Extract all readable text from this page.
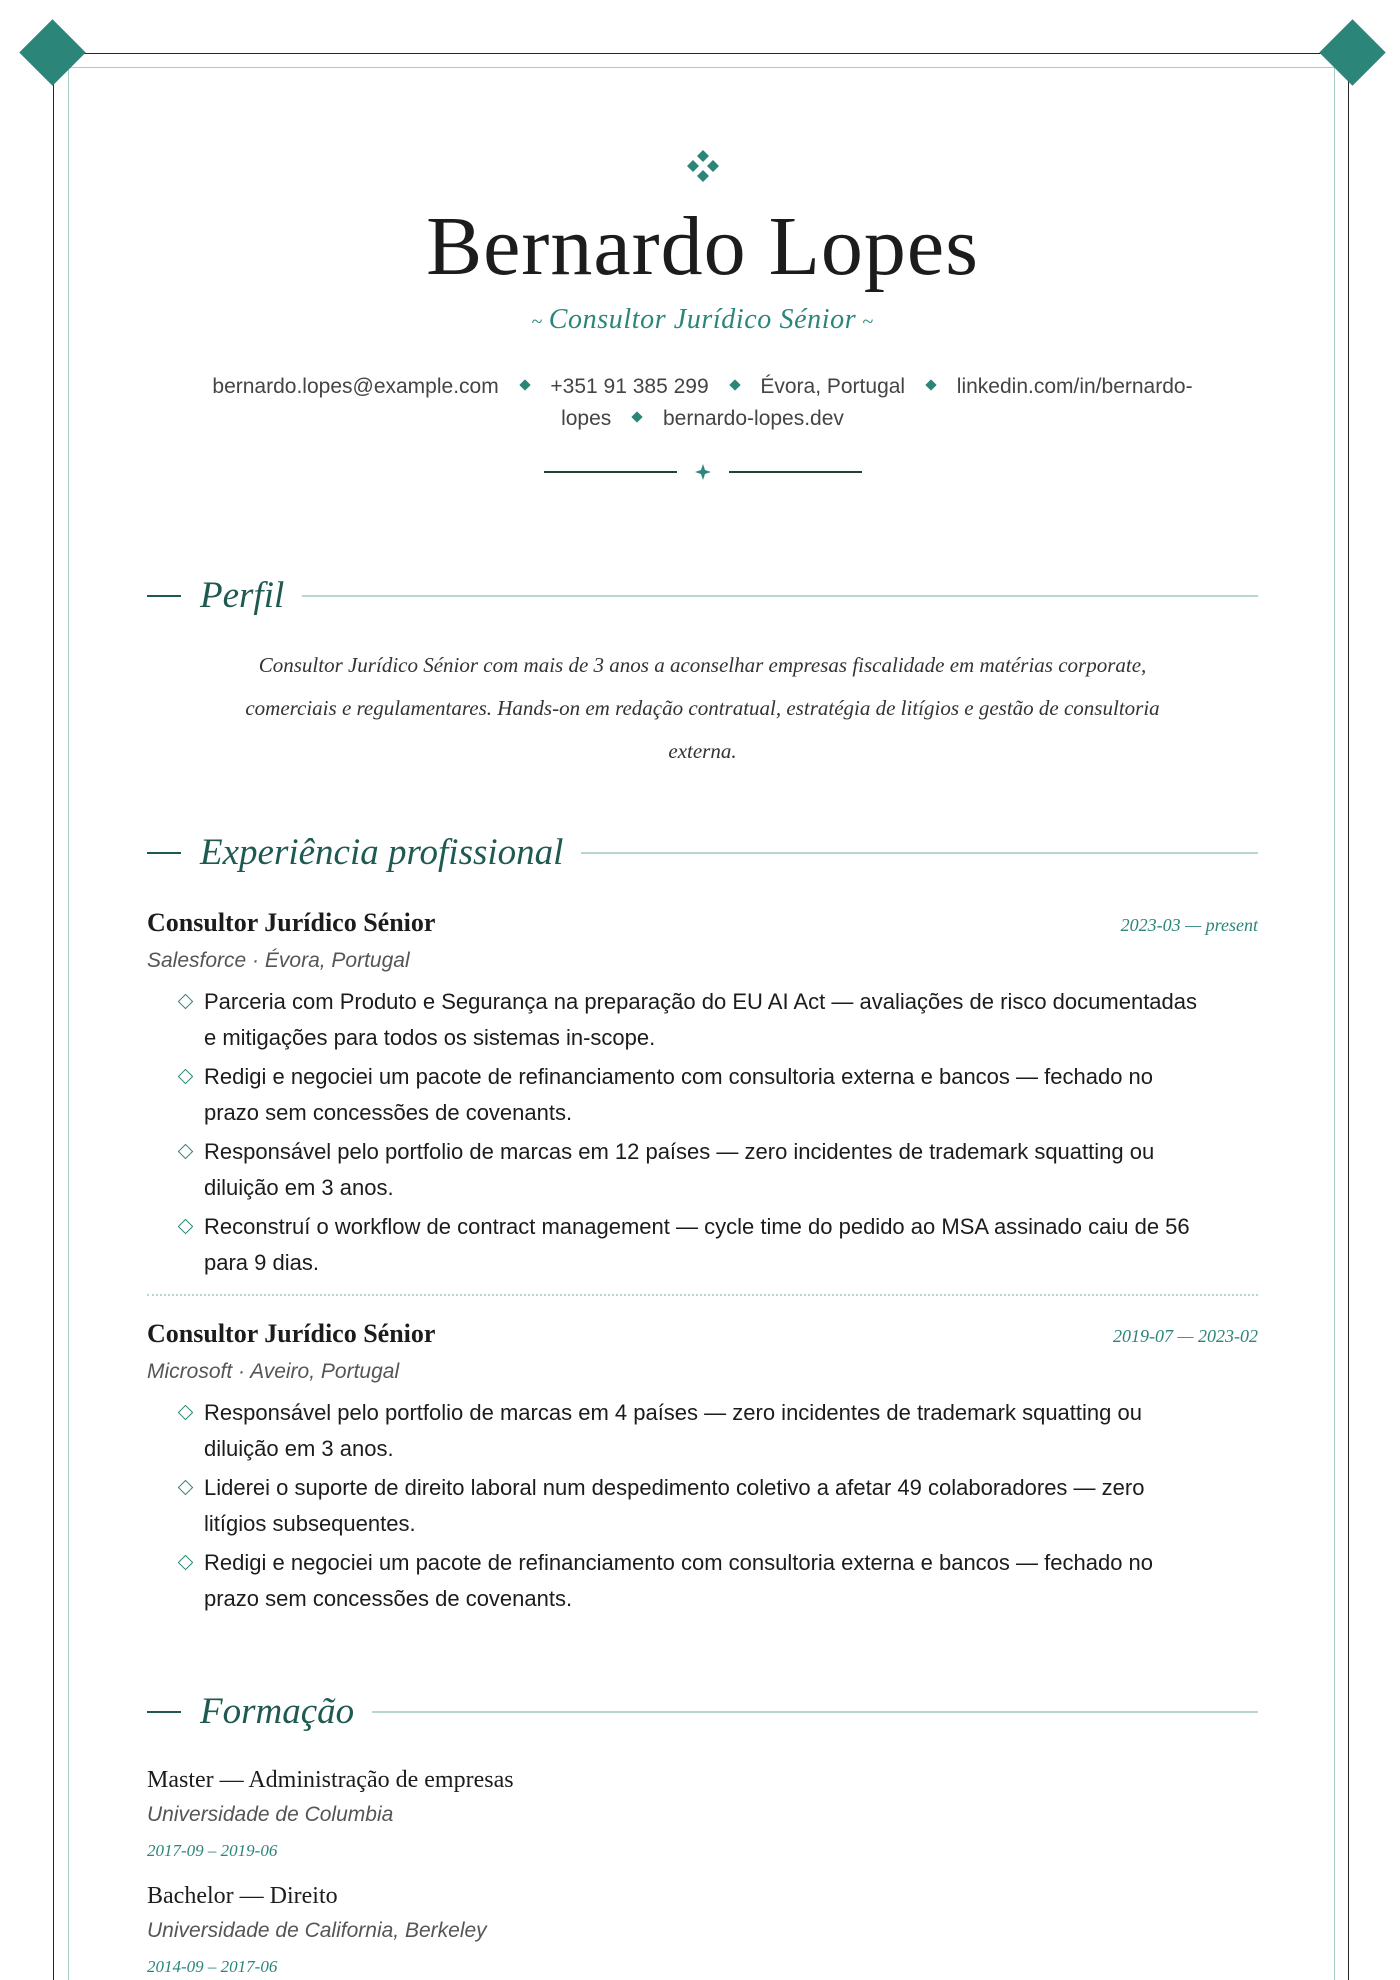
Bernardo Lopes
~ Consultor Jurídico Sénior ~
bernardo.lopes@example.com +351 91 385 299 Évora, Portugal linkedin.com/in/bernardo-lopes bernardo-lopes.dev
Perfil

Consultor Jurídico Sénior com mais de 3 anos a aconselhar empresas fiscalidade em matérias corporate, comerciais e regulamentares. Hands-on em redação contratual, estratégia de litígios e gestão de consultoria externa.

Experiência profissional
Consultor Jurídico Sénior	2023-03 — present
Salesforce · Évora, Portugal
Parceria com Produto e Segurança na preparação do EU AI Act — avaliações de risco documentadas e mitigações para todos os sistemas in-scope.
Redigi e negociei um pacote de refinanciamento com consultoria externa e bancos — fechado no prazo sem concessões de covenants.
Responsável pelo portfolio de marcas em 12 países — zero incidentes de trademark squatting ou diluição em 3 anos.
Reconstruí o workflow de contract management — cycle time do pedido ao MSA assinado caiu de 56 para 9 dias.
Consultor Jurídico Sénior	2019-07 — 2023-02
Microsoft · Aveiro, Portugal
Responsável pelo portfolio de marcas em 4 países — zero incidentes de trademark squatting ou diluição em 3 anos.
Liderei o suporte de direito laboral num despedimento coletivo a afetar 49 colaboradores — zero litígios subsequentes.
Redigi e negociei um pacote de refinanciamento com consultoria externa e bancos — fechado no prazo sem concessões de covenants.
Formação
Master — Administração de empresas
Universidade de Columbia
2017-09 – 2019-06
Bachelor — Direito
Universidade de California, Berkeley
2014-09 – 2017-06
